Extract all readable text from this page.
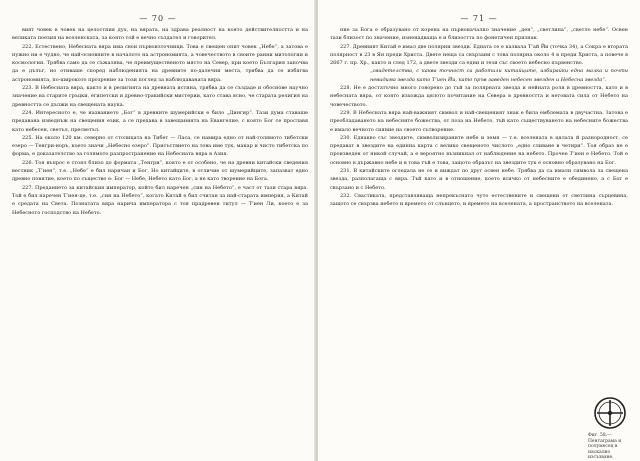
— 70 —

вият човек в човек на целостния дух, на вярата, на здрава реалност на която действителността и на великата поезия на вселенската, за която той е вечно създател и говорител.

222. Естествено, Небесната вяра има свои първоизточници. Това е свещен опит човек „Небе“, а затова е нужно ни е чудно, че най-основните в началото на астрономията, а човечеството в своите ранни митологии и космологии. Трябва само да се съжалява, че преимущественото място на Север, при което България започва да е дълъг, но отиваше според наблюденията на древните по-далечни места, трябва да се избягва астрономията, по-широкото прозрение за този поглед за наблюдаваната вяра.

223. В Небесната вяра, както и в религията на древната истина, трябва да се създаде и обоснове научно значение на старите гръцки, египетски и древно-тракийски мистерии, като става ясно, че старата религия на древността се дължи на свещената наука.

224. Интересното е, че названието „Бог“ в древните шумерийски е било „Дингир“. Тази дума ставаше предавана изведнъж на свещения език, а се предава в завещанията на Евангелие, с която Бог се прославя като небесен, светъл, пресветъл.

225. На около 120 км. северно от столицата на Тибет — Ласа, се намира едно от най-голямото тибетски езеро — Тенгри-норъ, което значи „Небесно езеро“. Присъствието на това име тук, макар и чисто тибетска по форма, е доказателство за голямото разпространение на Небесната вяра в Азия.

226. Тоя въпрос е стоял близо до формата „Тенгри“, която е от особено, че на древни китайски сведения вестник „Т’иен“, т.е. „Небе“ е бил наричан и Бог. Но китайците, в отличие от шумерийците, запазват едно древно понятие, което по същество е: Бог — Небе, Небето като Бог, а не като творение на Бога.

227. Преданието за китайския император, който бил наречен „син на Небето“, е част от тази стара вяра. Той е бил наречен Т’иен-це, т.е. „син на Небето“, когато Китай е бил считан за най-старата империя, а Китай е средата на Света. Познатата вяра нарича императора с тоя прадревен титул — Т’иен Ли, което е за Небесното господство на Небето.

— 71 —

ние за Бога е образувано от корена на първоначално значение „ден“, „светлина“, „светло небе“. Освен тази близост по значение, изненадваща е и близостта по фонетичен признак.

227. Древният Китай е имал две полярни звезди. Едната се е казвала Т’ай Йи (точка 34), а Сокра е втората полярност в 23 в Ян преди Христа. Двете неща са свързани с това полярна около 4 в преди Христа, а повече в 2667 г. пр. Хр., както и след 172, а двете звезди са едни и тези със своето небесно първенство.

„свидетелства, с каква точност са работили китайците, избирайки една малка и почти невидима звезда като Т’иен Йи, като пръв заведен небесен звезден и Небесна звезда“.

228. Не е достатъчно много говорено до тъй за полярната звезда и нейната роля в древността, като и в небесната вяра, от която изхожда цялото почитание на Севера в древността и неговата сила от Небето на човечеството.

229. В Небесната вяра най-важният символ и най-свещеният знак е била емблемата в двучастна. Затова е преобладаването на небесните божества, от поза на Небето, тъй като съществуването на небесните божества е имало вечното сияние на своето сътворение.

230. Еднакво със звездите, символизираните небе и земя — т.е. вселената в цялата й разнородност, се предават в звездите на единна карта с велико свещеното числото „едно сливане в четири“. Тоя образ не е произведен от никой случай, а е вероятно възникнал от наблюдение на небето. Прочее Т’иен е Небето. Той е основно в държавно небе и в това тъй е това, защото образът на звездите тук е основно образувано на Бог.

231. В китайските огледала не се и виждат по друг освен небе. Трябва да са имали символа за свещена звезда, разполагаща с вяра. Тъй като и в отношение, което всичко от небесните е обединено, а с Бог е свързано и с Небето.

232. Свастиката, представляваща непрекъснато чуто естествените и свещени от светлина сърцевина, защото се свързва небето и времето от слънцето, и времето на вселената, а пространството на вселената.

Фиг. 58.—Пентаграма и полумесец в наскално изсъзване.
